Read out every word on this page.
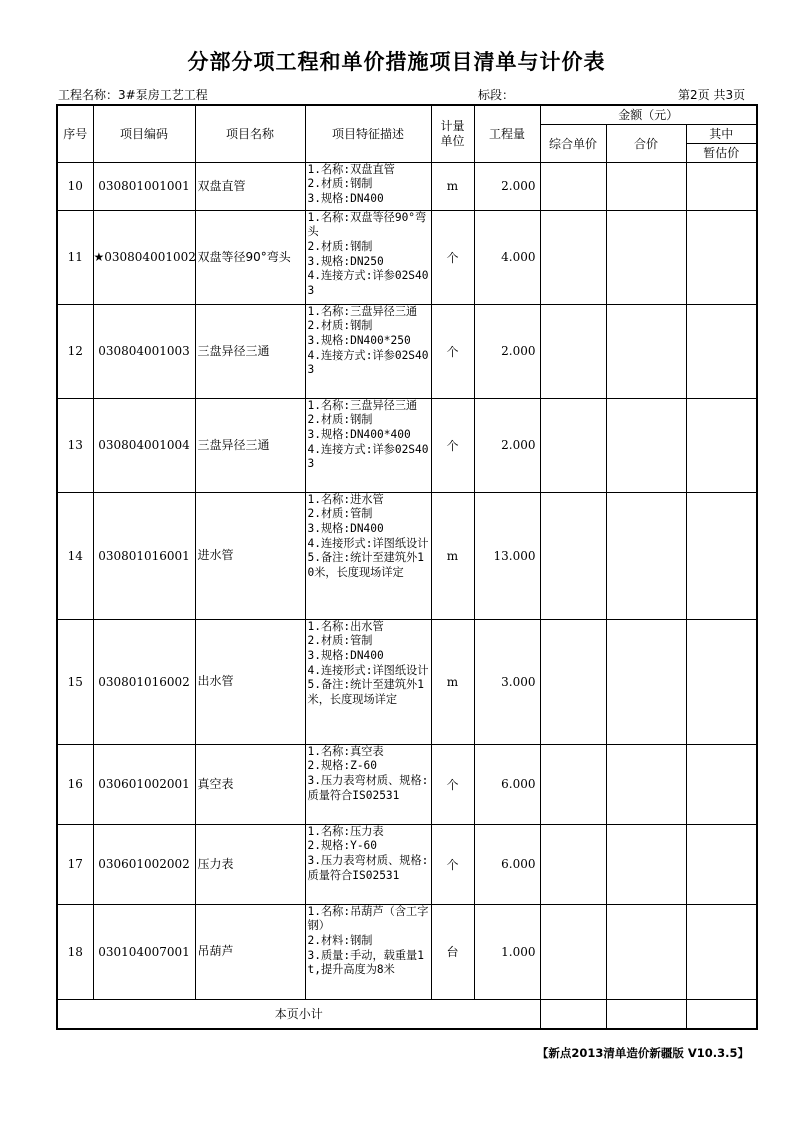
分部分项工程和单价措施项目清单与计价表
工程名称：3#泵房工艺工程	标段：	第2页 共3页
序号	项目编码	项目名称	项目特征描述	计量单位	工程量	金额（元）		
						综合单价	合价	其中
								暂估价

10	030801001001	双盘直管	1.名称:双盘直管
2.材质:钢制
3.规格:DN400	m	2.000			

11	★030804001002	双盘等径90°弯头	1.名称:双盘等径90°弯头
2.材质:钢制
3.规格:DN250
4.连接方式:详参02S403	个	4.000			

12	030804001003	三盘异径三通	1.名称:三盘异径三通
2.材质:钢制
3.规格:DN400*250
4.连接方式:详参02S403	个	2.000			

13	030804001004	三盘异径三通	1.名称:三盘异径三通
2.材质:钢制
3.规格:DN400*400
4.连接方式:详参02S403	个	2.000			

14	030801016001	进水管	1.名称:进水管
2.材质:管制
3.规格:DN400
4.连接形式:详图纸设计
5.备注:统计至建筑外10米，长度现场详定	m	13.000			

15	030801016002	出水管	1.名称:出水管
2.材质:管制
3.规格:DN400
4.连接形式:详图纸设计
5.备注:统计至建筑外1米，长度现场详定	m	3.000			

16	030601002001	真空表	1.名称:真空表
2.规格:Z-60
3.压力表弯材质、规格:质量符合IS02531	个	6.000			

17	030601002002	压力表	1.名称:压力表
2.规格:Y-60
3.压力表弯材质、规格:质量符合IS02531	个	6.000			

18	030104007001	吊葫芦	1.名称:吊葫芦（含工字钢）
2.材料:钢制
3.质量:手动，载重量1t,提升高度为8米	台	1.000			

本页小计								
【新点2013清单造价新疆版 V10.3.5】
